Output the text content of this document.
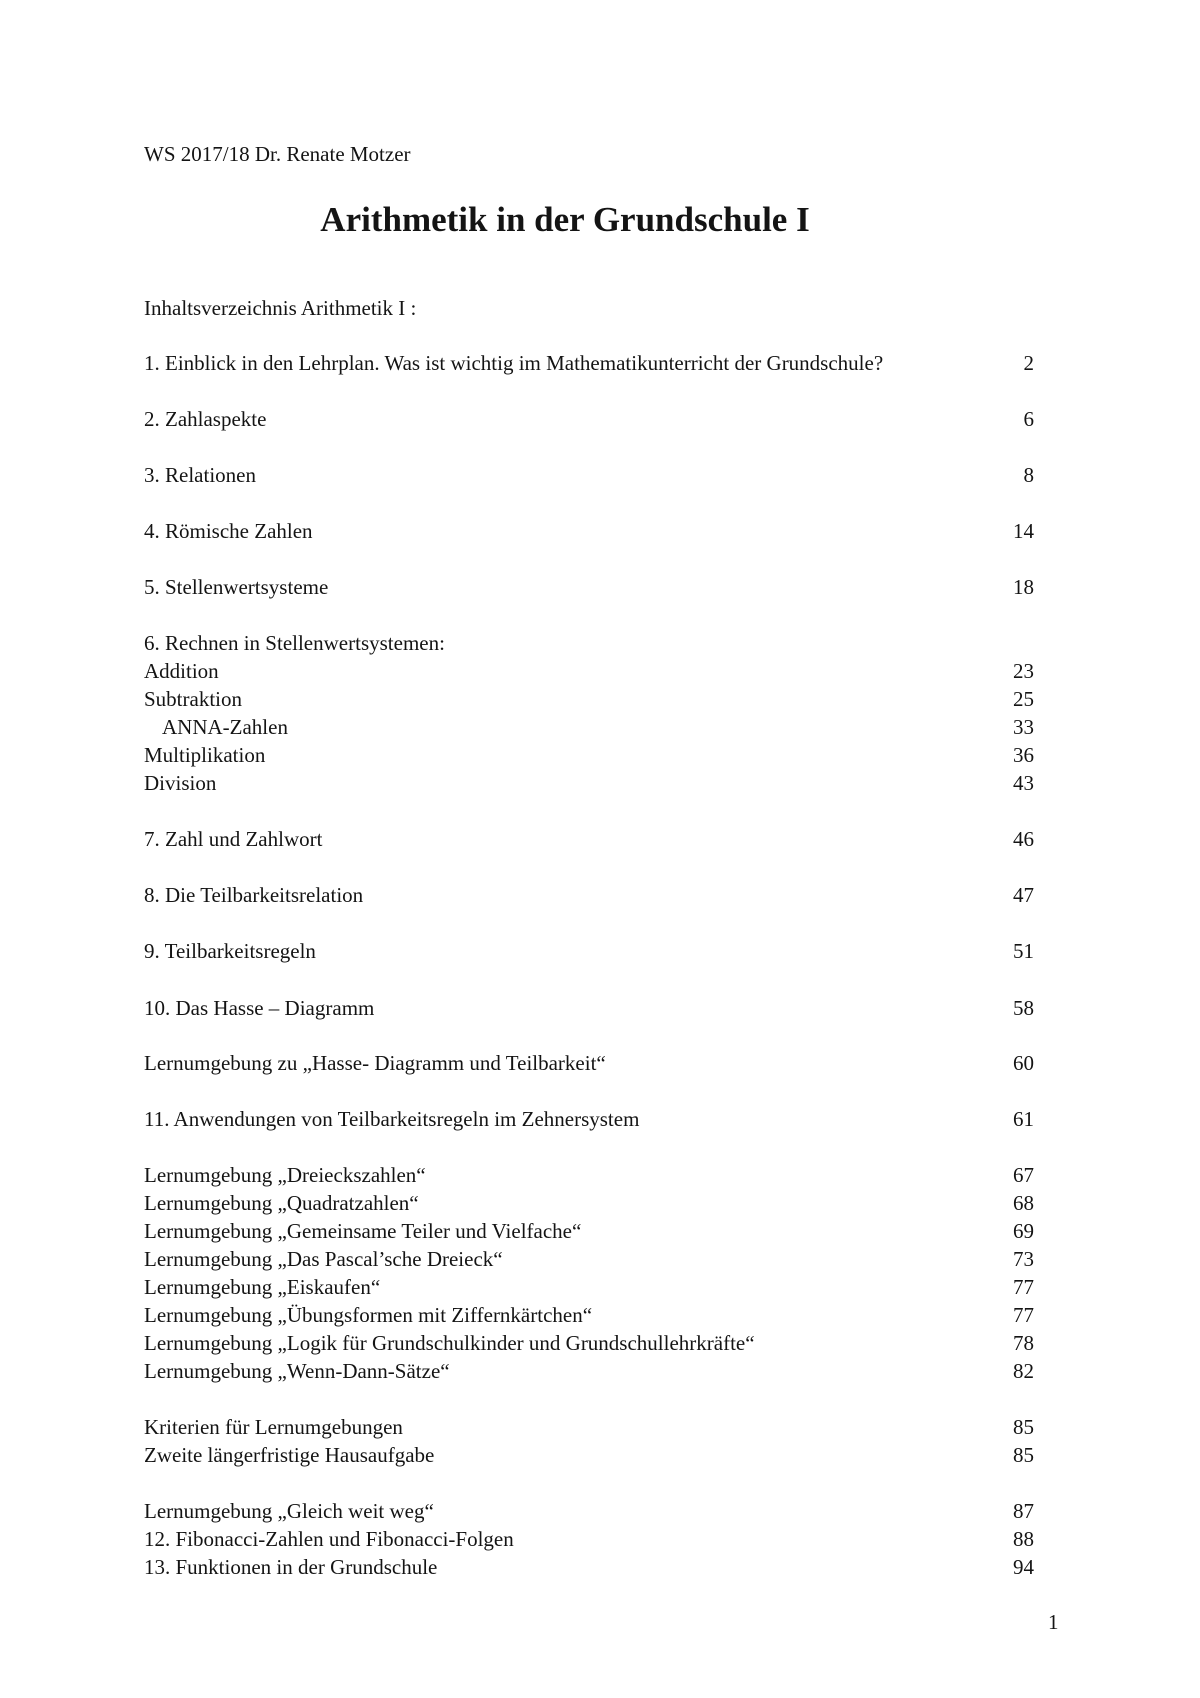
WS 2017/18 Dr. Renate Motzer
Arithmetik in der Grundschule I
Inhaltsverzeichnis Arithmetik I :
1. Einblick in den Lehrplan. Was ist wichtig im Mathematikunterricht der Grundschule?	2
2. Zahlaspekte	6
3. Relationen	8
4. Römische Zahlen	14
5. Stellenwertsysteme	18
6. Rechnen in Stellenwertsystemen:
Addition	23
Subtraktion	25
ANNA-Zahlen	33
Multiplikation	36
Division	43
7. Zahl und Zahlwort	46
8. Die Teilbarkeitsrelation	47
9. Teilbarkeitsregeln	51
10. Das Hasse – Diagramm	58
Lernumgebung zu „Hasse- Diagramm und Teilbarkeit“	60
11. Anwendungen von Teilbarkeitsregeln im Zehnersystem	61
Lernumgebung „Dreieckszahlen“	67
Lernumgebung „Quadratzahlen“	68
Lernumgebung „Gemeinsame Teiler und Vielfache“	69
Lernumgebung „Das Pascal’sche Dreieck“	73
Lernumgebung „Eiskaufen“	77
Lernumgebung „Übungsformen mit Ziffernkärtchen“	77
Lernumgebung „Logik für Grundschulkinder und Grundschullehrkräfte“	78
Lernumgebung „Wenn-Dann-Sätze“	82
Kriterien für Lernumgebungen	85
Zweite längerfristige Hausaufgabe	85
Lernumgebung „Gleich weit weg“	87
12. Fibonacci-Zahlen und Fibonacci-Folgen	88
13. Funktionen in der Grundschule	94
1
